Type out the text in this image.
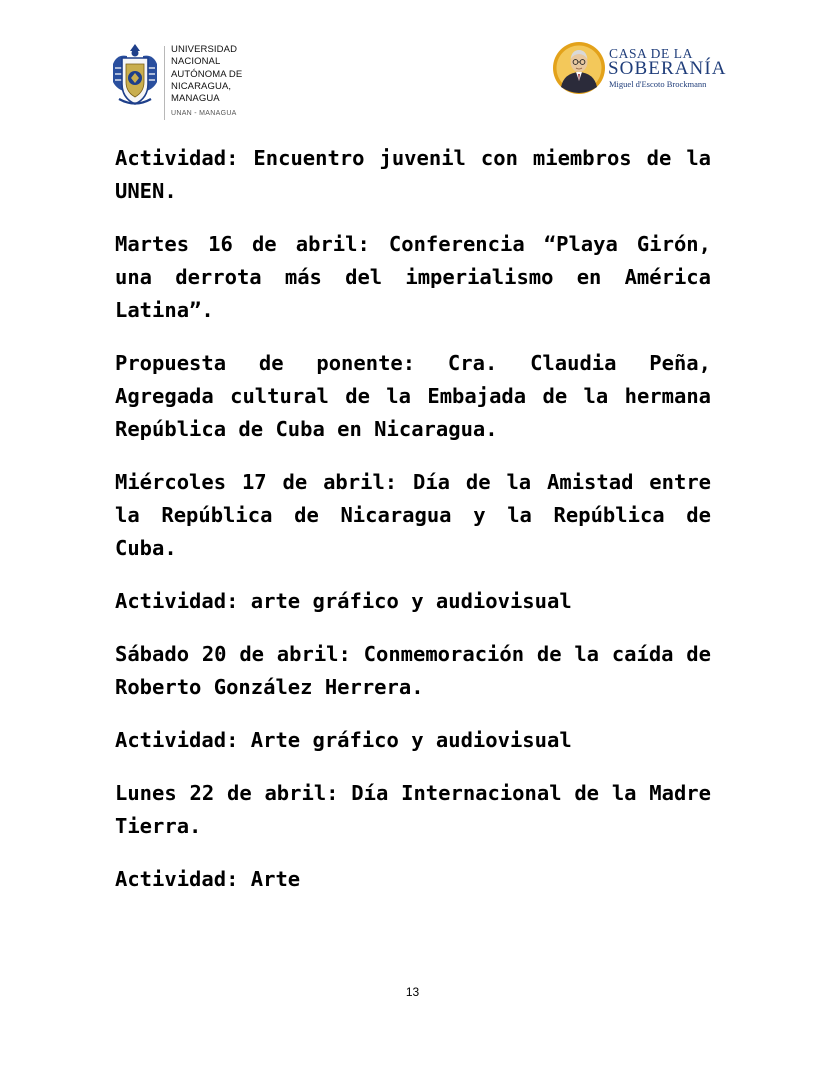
UNIVERSIDAD
NACIONAL
AUTÓNOMA DE
NICARAGUA,
MANAGUA
UNAN - MANAGUA
CASA DE LA
SOBERANÍA
Miguel d'Escoto Brockmann

Actividad: Encuentro juvenil con miembros de la UNEN.

Martes 16 de abril: Conferencia “Playa Girón, una derrota más del imperialismo en América Latina”.

Propuesta de ponente: Cra. Claudia Peña, Agregada cultural de la Embajada de la hermana República de Cuba en Nicaragua.

Miércoles 17 de abril: Día de la Amistad entre la República de Nicaragua y la República de Cuba.

Actividad: arte gráfico y audiovisual

Sábado 20 de abril: Conmemoración de la caída de Roberto González Herrera.

Actividad: Arte gráfico y audiovisual

Lunes 22 de abril: Día Internacional de la Madre Tierra.

Actividad: Arte

13
